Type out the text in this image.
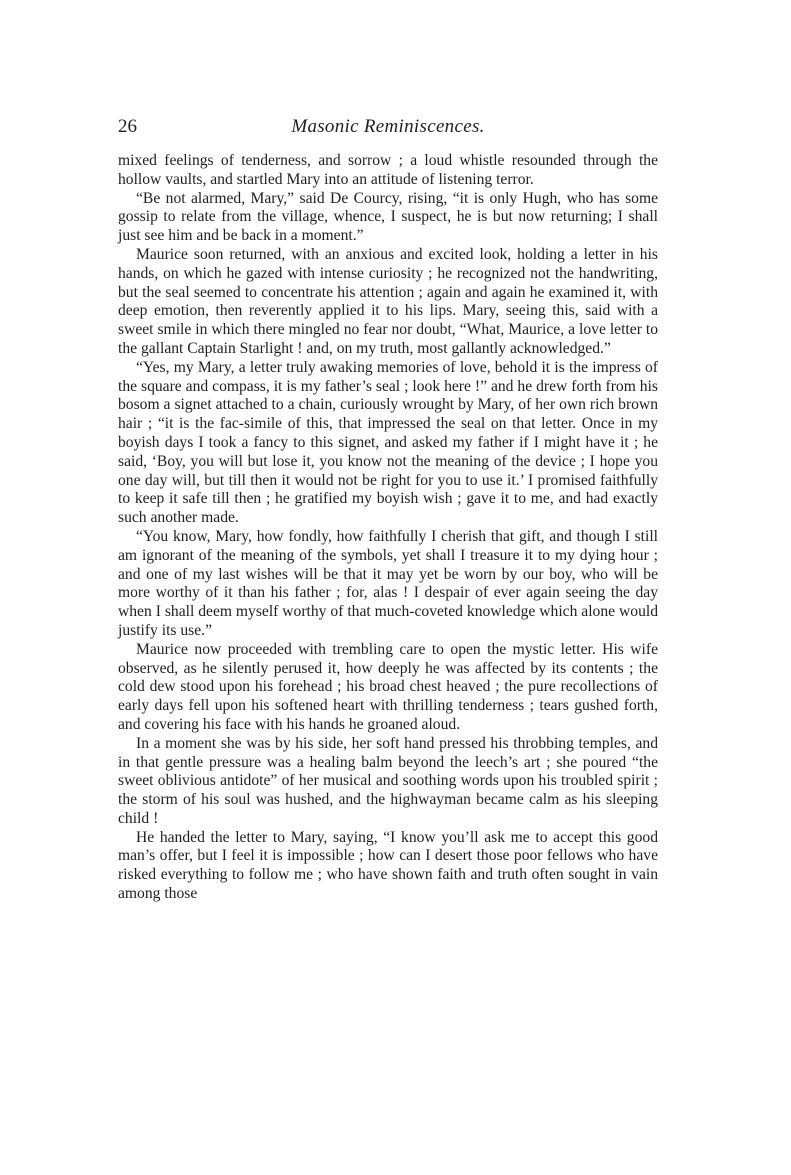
26	Masonic Reminiscences.

mixed feelings of tenderness, and sorrow ; a loud whistle resounded through the hollow vaults, and startled Mary into an attitude of listening terror.

“Be not alarmed, Mary,” said De Courcy, rising, “it is only Hugh, who has some gossip to relate from the village, whence, I suspect, he is but now returning; I shall just see him and be back in a moment.”

Maurice soon returned, with an anxious and excited look, holding a letter in his hands, on which he gazed with intense curiosity ; he recognized not the handwriting, but the seal seemed to concentrate his attention ; again and again he examined it, with deep emotion, then reverently applied it to his lips. Mary, seeing this, said with a sweet smile in which there mingled no fear nor doubt, “What, Maurice, a love letter to the gallant Captain Starlight ! and, on my truth, most gallantly acknowledged.”

“Yes, my Mary, a letter truly awaking memories of love, behold it is the impress of the square and compass, it is my father’s seal ; look here !” and he drew forth from his bosom a signet attached to a chain, curiously wrought by Mary, of her own rich brown hair ; “it is the fac-simile of this, that impressed the seal on that letter. Once in my boyish days I took a fancy to this signet, and asked my father if I might have it ; he said, ‘Boy, you will but lose it, you know not the meaning of the device ; I hope you one day will, but till then it would not be right for you to use it.’ I promised faithfully to keep it safe till then ; he gratified my boyish wish ; gave it to me, and had exactly such another made.

“You know, Mary, how fondly, how faithfully I cherish that gift, and though I still am ignorant of the meaning of the symbols, yet shall I treasure it to my dying hour ; and one of my last wishes will be that it may yet be worn by our boy, who will be more worthy of it than his father ; for, alas ! I despair of ever again seeing the day when I shall deem myself worthy of that much-coveted knowledge which alone would justify its use.”

Maurice now proceeded with trembling care to open the mystic letter. His wife observed, as he silently perused it, how deeply he was affected by its contents ; the cold dew stood upon his forehead ; his broad chest heaved ; the pure recollections of early days fell upon his softened heart with thrilling tenderness ; tears gushed forth, and covering his face with his hands he groaned aloud.

In a moment she was by his side, her soft hand pressed his throbbing temples, and in that gentle pressure was a healing balm beyond the leech’s art ; she poured “the sweet oblivious antidote” of her musical and soothing words upon his troubled spirit ; the storm of his soul was hushed, and the highwayman became calm as his sleeping child !

He handed the letter to Mary, saying, “I know you’ll ask me to accept this good man’s offer, but I feel it is impossible ; how can I desert those poor fellows who have risked everything to follow me ; who have shown faith and truth often sought in vain among those
